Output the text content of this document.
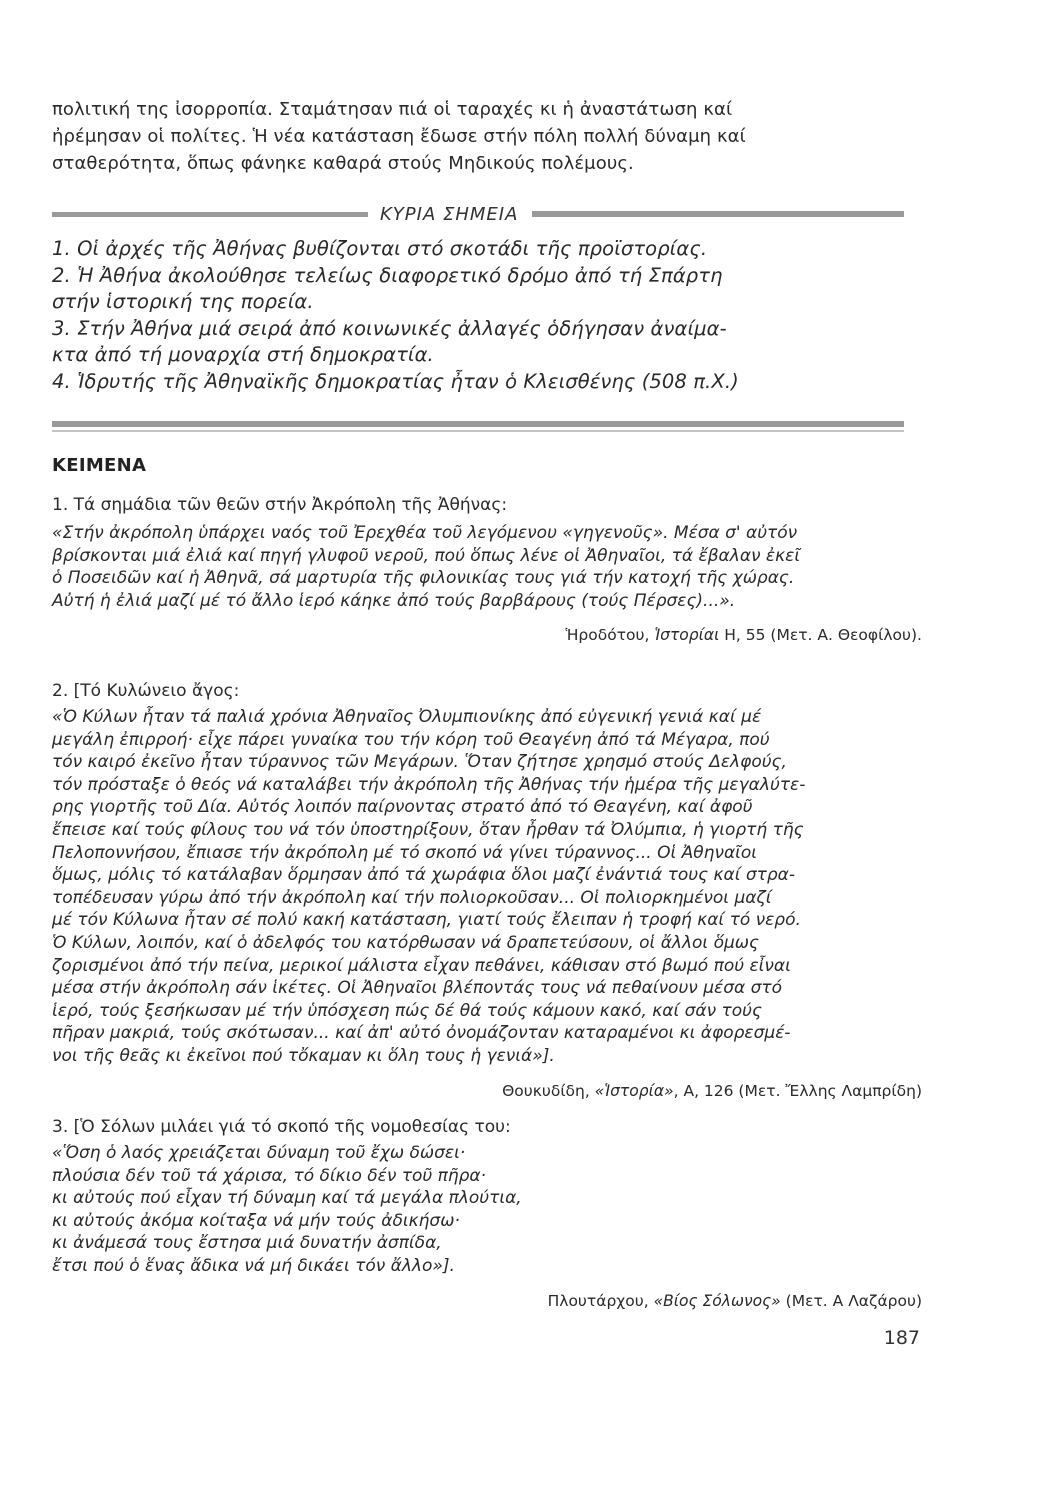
πολιτική της ἰσορροπία. Σταμάτησαν πιά οἱ ταραχές κι ἡ ἀναστάτωση καί

ἠρέμησαν οἱ πολίτες. Ἡ νέα κατάσταση ἔδωσε στήν πόλη πολλή δύναμη καί

σταθερότητα, ὅπως φάνηκε καθαρά στούς Μηδικούς πολέμους.

ΚΥΡΙΑ ΣΗΜΕΙΑ

1. Οἱ ἀρχές τῆς Ἀθήνας βυθίζονται στό σκοτάδι τῆς προϊστορίας.

2. Ἡ Ἀθήνα ἀκολούθησε τελείως διαφορετικό δρόμο ἀπό τή Σπάρτη

στήν ἱστορική της πορεία.

3. Στήν Ἀθήνα μιά σειρά ἀπό κοινωνικές ἀλλαγές ὁδήγησαν ἀναίμα-

κτα ἀπό τή μοναρχία στή δημοκρατία.

4. Ἱδρυτής τῆς Ἀθηναϊκῆς δημοκρατίας ἦταν ὁ Κλεισθένης (508 π.Χ.)

ΚΕΙΜΕΝΑ

1. Τά σημάδια τῶν θεῶν στήν Ἀκρόπολη τῆς Ἀθήνας:

«Στήν ἀκρόπολη ὑπάρχει ναός τοῦ Ἐρεχθέα τοῦ λεγόμενου «γηγενοῦς». Μέσα σ' αὐτόν

βρίσκονται μιά ἐλιά καί πηγή γλυφοῦ νεροῦ, πού ὅπως λένε οἱ Ἀθηναῖοι, τά ἔβαλαν ἐκεῖ

ὁ Ποσειδῶν καί ἡ Ἀθηνᾶ, σά μαρτυρία τῆς φιλονικίας τους γιά τήν κατοχή τῆς χώρας.

Αὐτή ἡ ἐλιά μαζί μέ τό ἄλλο ἱερό κάηκε ἀπό τούς βαρβάρους (τούς Πέρσες)...».

Ἡροδότου, Ἱστορίαι Η, 55 (Μετ. Α. Θεοφίλου).

2. [Τό Κυλώνειο ἄγος:

«Ὁ Κύλων ἦταν τά παλιά χρόνια Ἀθηναῖος Ὀλυμπιονίκης ἀπό εὐγενική γενιά καί μέ

μεγάλη ἐπιρροή· εἶχε πάρει γυναίκα του τήν κόρη τοῦ Θεαγένη ἀπό τά Μέγαρα, πού

τόν καιρό ἐκεῖνο ἦταν τύραννος τῶν Μεγάρων. Ὅταν ζήτησε χρησμό στούς Δελφούς,

τόν πρόσταξε ὁ θεός νά καταλάβει τήν ἀκρόπολη τῆς Ἀθήνας τήν ἡμέρα τῆς μεγαλύτε-

ρης γιορτῆς τοῦ Δία. Αὐτός λοιπόν παίρνοντας στρατό ἀπό τό Θεαγένη, καί ἀφοῦ

ἔπεισε καί τούς φίλους του νά τόν ὑποστηρίξουν, ὅταν ἦρθαν τά Ὀλύμπια, ἡ γιορτή τῆς

Πελοποννήσου, ἔπιασε τήν ἀκρόπολη μέ τό σκοπό νά γίνει τύραννος... Οἱ Ἀθηναῖοι

ὅμως, μόλις τό κατάλαβαν ὅρμησαν ἀπό τά χωράφια ὅλοι μαζί ἐνάντιά τους καί στρα-

τοπέδευσαν γύρω ἀπό τήν ἀκρόπολη καί τήν πολιορκοῦσαν... Οἱ πολιορκημένοι μαζί

μέ τόν Κύλωνα ἦταν σέ πολύ κακή κατάσταση, γιατί τούς ἔλειπαν ἡ τροφή καί τό νερό.

Ὁ Κύλων, λοιπόν, καί ὁ ἀδελφός του κατόρθωσαν νά δραπετεύσουν, οἱ ἄλλοι ὅμως

ζορισμένοι ἀπό τήν πείνα, μερικοί μάλιστα εἶχαν πεθάνει, κάθισαν στό βωμό πού εἶναι

μέσα στήν ἀκρόπολη σάν ἱκέτες. Οἱ Ἀθηναῖοι βλέποντάς τους νά πεθαίνουν μέσα στό

ἱερό, τούς ξεσήκωσαν μέ τήν ὑπόσχεση πώς δέ θά τούς κάμουν κακό, καί σάν τούς

πῆραν μακριά, τούς σκότωσαν... καί ἀπ' αὐτό ὀνομάζονταν καταραμένοι κι ἀφορεσμέ-

νοι τῆς θεᾶς κι ἐκεῖνοι πού τὄκαμαν κι ὅλη τους ἡ γενιά»].

Θουκυδίδη, «Ἱστορία», Α, 126 (Μετ. Ἔλλης Λαμπρίδη)

3. [Ὁ Σόλων μιλάει γιά τό σκοπό τῆς νομοθεσίας του:

«Ὅση ὁ λαός χρειάζεται δύναμη τοῦ ἔχω δώσει·

πλούσια δέν τοῦ τά χάρισα, τό δίκιο δέν τοῦ πῆρα·

κι αὐτούς πού εἶχαν τή δύναμη καί τά μεγάλα πλούτια,

κι αὐτούς ἀκόμα κοίταξα νά μήν τούς ἀδικήσω·

κι ἀνάμεσά τους ἔστησα μιά δυνατήν ἀσπίδα,

ἔτσι πού ὁ ἕνας ἄδικα νά μή δικάει τόν ἄλλο»].

Πλουτάρχου, «Βίος Σόλωνος» (Μετ. Α Λαζάρου)

187
